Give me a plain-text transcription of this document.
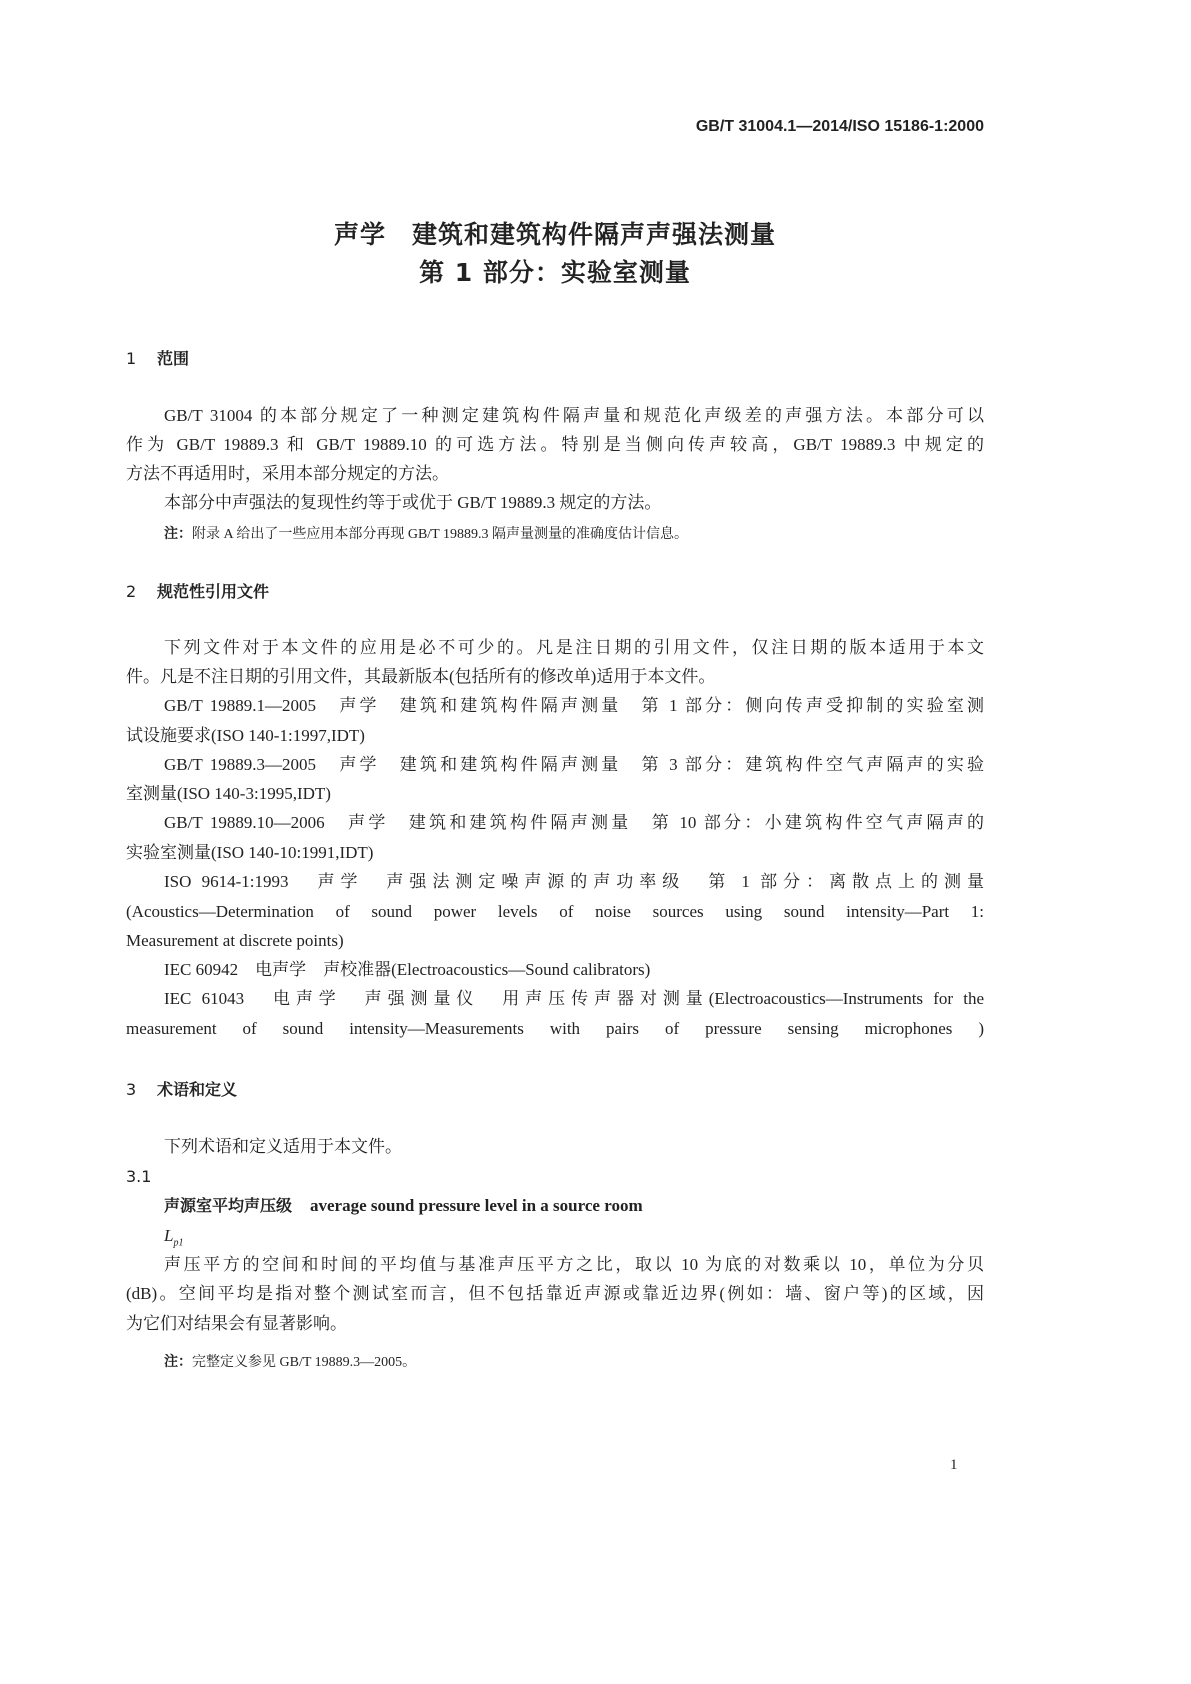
GB/T 31004.1—2014/ISO 15186-1:2000
声学　建筑和建筑构件隔声声强法测量
第 1 部分：实验室测量
1 范围
GB/T 31004 的本部分规定了一种测定建筑构件隔声量和规范化声级差的声强方法。本部分可以
作为 GB/T 19889.3 和 GB/T 19889.10 的可选方法。特别是当侧向传声较高，GB/T 19889.3 中规定的
方法不再适用时，采用本部分规定的方法。
本部分中声强法的复现性约等于或优于 GB/T 19889.3 规定的方法。
注：附录 A 给出了一些应用本部分再现 GB/T 19889.3 隔声量测量的准确度估计信息。
2 规范性引用文件
下列文件对于本文件的应用是必不可少的。凡是注日期的引用文件，仅注日期的版本适用于本文
件。凡是不注日期的引用文件，其最新版本(包括所有的修改单)适用于本文件。
GB/T 19889.1—2005　声学　建筑和建筑构件隔声测量　第 1 部分：侧向传声受抑制的实验室测
试设施要求(ISO 140-1:1997,IDT)
GB/T 19889.3—2005　声学　建筑和建筑构件隔声测量　第 3 部分：建筑构件空气声隔声的实验
室测量(ISO 140-3:1995,IDT)
GB/T 19889.10—2006　声学　建筑和建筑构件隔声测量　第 10 部分：小建筑构件空气声隔声的
实验室测量(ISO 140-10:1991,IDT)
ISO 9614-1:1993　声学　声强法测定噪声源的声功率级　第 1 部分：离散点上的测量
(Acoustics—Determination of sound power levels of noise sources using sound intensity—Part 1:
Measurement at discrete points)
IEC 60942　电声学　声校准器(Electroacoustics—Sound calibrators)
IEC 61043　电声学　声强测量仪　用声压传声器对测量(Electroacoustics—Instruments for the
measurement of sound intensity—Measurements with pairs of pressure sensing microphones )
3 术语和定义
下列术语和定义适用于本文件。
3.1
声源室平均声压级 average sound pressure level in a source room
$L_{p1}$
声压平方的空间和时间的平均值与基准声压平方之比，取以 10 为底的对数乘以 10，单位为分贝
(dB)。空间平均是指对整个测试室而言，但不包括靠近声源或靠近边界(例如：墙、窗户等)的区域，因
为它们对结果会有显著影响。
注：完整定义参见 GB/T 19889.3—2005。
1
